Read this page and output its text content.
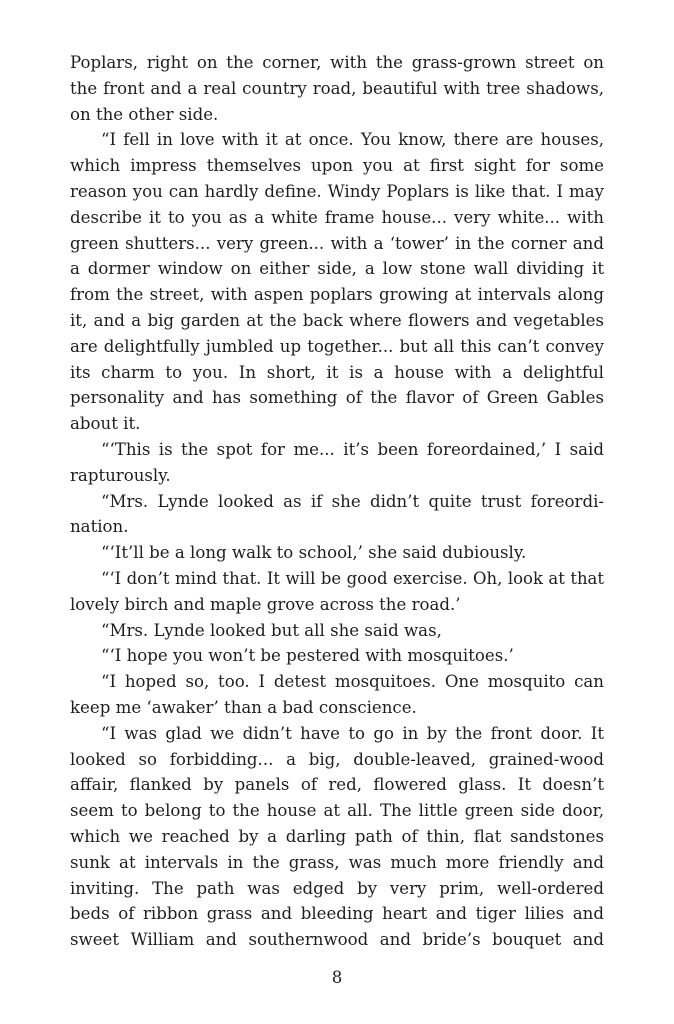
Poplars, right on the corner, with the grass-grown street on
the front and a real country road, beautiful with tree shadows,
on the other side.
“I fell in love with it at once. You know, there are houses,
which impress themselves upon you at first sight for some
reason you can hardly define. Windy Poplars is like that. I may
describe it to you as a white frame house... very white... with
green shutters... very green... with a ‘tower’ in the corner and
a dormer window on either side, a low stone wall dividing it
from the street, with aspen poplars growing at intervals along
it, and a big garden at the back where flowers and vegetables
are delightfully jumbled up together... but all this can’t convey
its charm to you. In short, it is a house with a delightful
personality and has something of the flavor of Green Gables
about it.
“‘This is the spot for me... it’s been foreordained,’ I said
rapturously.
“Mrs. Lynde looked as if she didn’t quite trust foreordi-
nation.
“‘It’ll be a long walk to school,’ she said dubiously.
“‘I don’t mind that. It will be good exercise. Oh, look at that
lovely birch and maple grove across the road.’
“Mrs. Lynde looked but all she said was,
“‘I hope you won’t be pestered with mosquitoes.’
“I hoped so, too. I detest mosquitoes. One mosquito can
keep me ‘awaker’ than a bad conscience.
“I was glad we didn’t have to go in by the front door. It
looked so forbidding... a big, double-leaved, grained-wood
affair, flanked by panels of red, flowered glass. It doesn’t
seem to belong to the house at all. The little green side door,
which we reached by a darling path of thin, flat sandstones
sunk at intervals in the grass, was much more friendly and
inviting. The path was edged by very prim, well-ordered
beds of ribbon grass and bleeding heart and tiger lilies and
sweet William and southernwood and bride’s bouquet and
8
